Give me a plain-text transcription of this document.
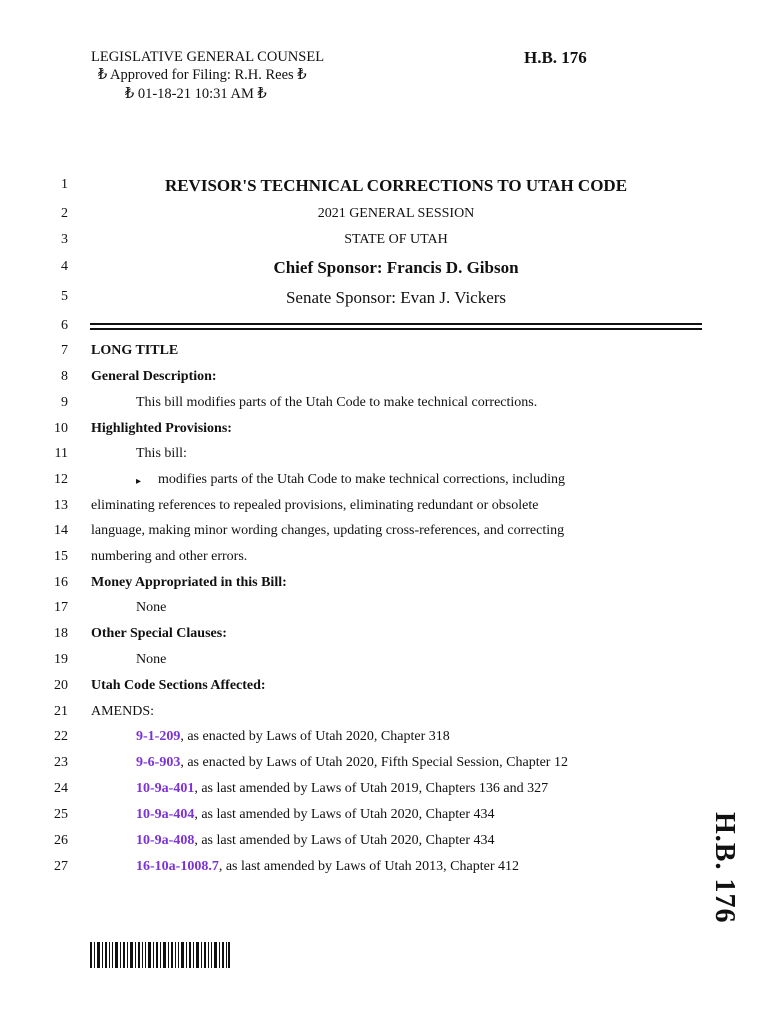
LEGISLATIVE GENERAL COUNSEL
₺ Approved for Filing: R.H. Rees ₺
₺ 01-18-21 10:31 AM ₺
H.B. 176
1
2
3
4
5
6
7
8
9
10
11
12
13
14
15
16
17
18
19
20
21
22
23
24
25
26
27
REVISOR'S TECHNICAL CORRECTIONS TO UTAH CODE
2021 GENERAL SESSION
STATE OF UTAH
Chief Sponsor: Francis D. Gibson
Senate Sponsor: Evan J. Vickers
LONG TITLE
General Description:
This bill modifies parts of the Utah Code to make technical corrections.
Highlighted Provisions:
This bill:
▸ modifies parts of the Utah Code to make technical corrections, including
eliminating references to repealed provisions, eliminating redundant or obsolete
language, making minor wording changes, updating cross-references, and correcting
numbering and other errors.
Money Appropriated in this Bill:
None
Other Special Clauses:
None
Utah Code Sections Affected:
AMENDS:
9-1-209, as enacted by Laws of Utah 2020, Chapter 318
9-6-903, as enacted by Laws of Utah 2020, Fifth Special Session, Chapter 12
10-9a-401, as last amended by Laws of Utah 2019, Chapters 136 and 327
10-9a-404, as last amended by Laws of Utah 2020, Chapter 434
10-9a-408, as last amended by Laws of Utah 2020, Chapter 434
16-10a-1008.7, as last amended by Laws of Utah 2013, Chapter 412	H.B. 176
